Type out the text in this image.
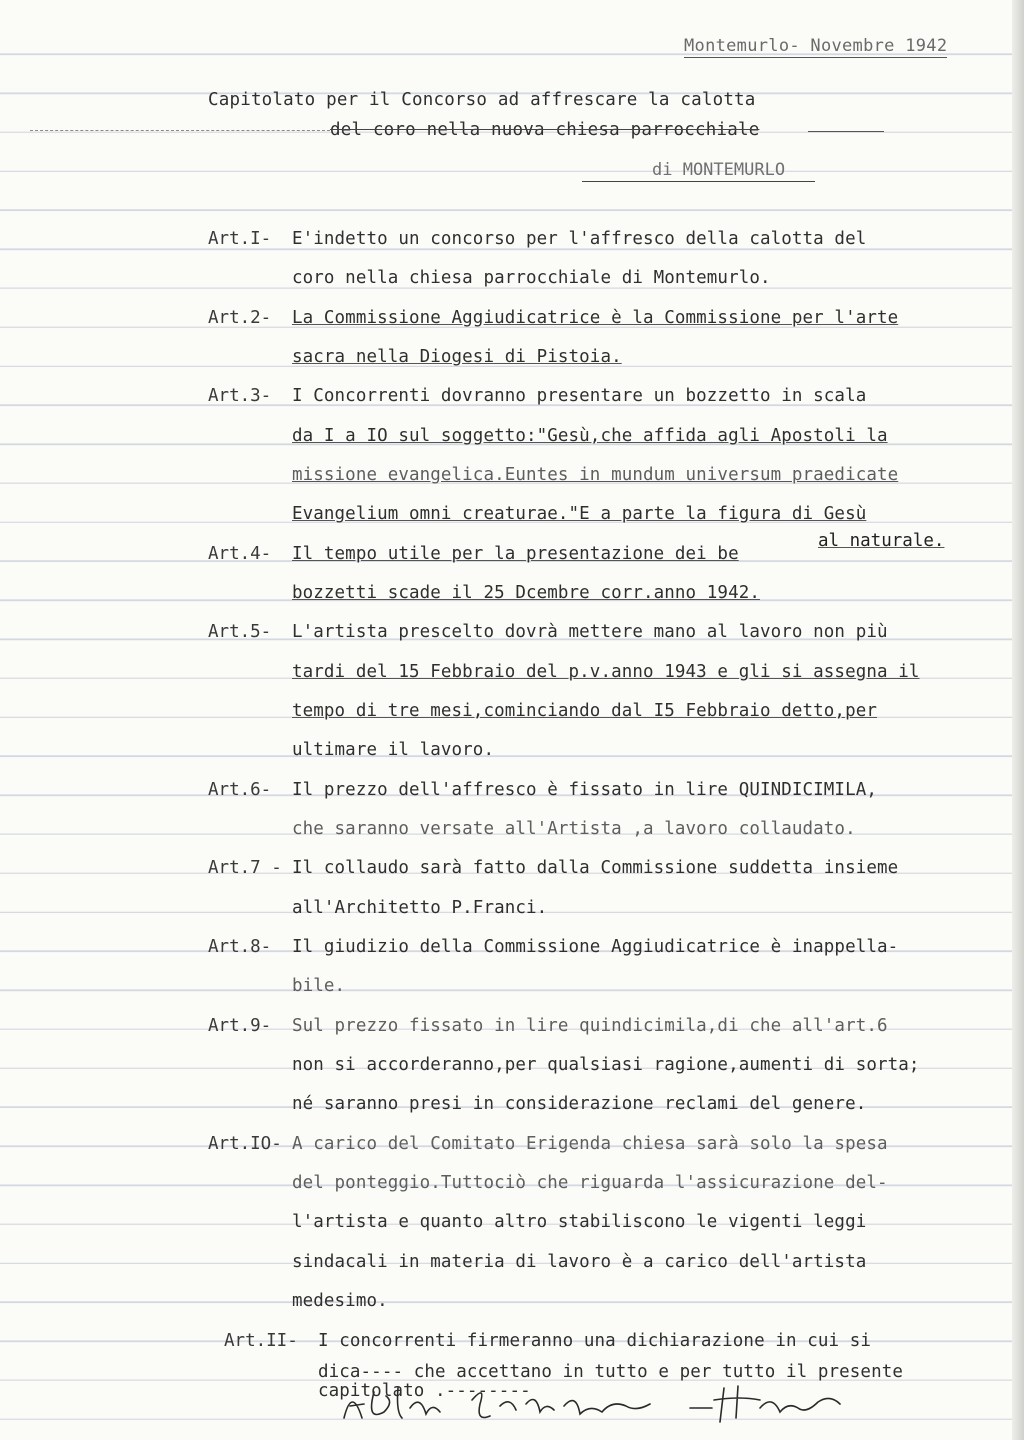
Montemurlo- Novembre 1942
Capitolato per il Concorso ad affrescare la calotta
del coro nella nuova chiesa parrocchiale
di MONTEMURLO
Art.I- E'indetto un concorso per l'affresco della calotta del
coro nella chiesa parrocchiale di Montemurlo.
Art.2- La Commissione Aggiudicatrice è la Commissione per l'arte
sacra nella Diogesi di Pistoia.
Art.3- I Concorrenti dovranno presentare un bozzetto in scala
da I a IO sul soggetto:"Gesù,che affida agli Apostoli la
missione evangelica.Euntes in mundum universum praedicate
Evangelium omni creaturae."E a parte la figura di Gesù
al naturale.
Art.4- Il tempo utile per la presentazione dei be
bozzetti scade il 25 Dcembre corr.anno 1942.
Art.5- L'artista prescelto dovrà mettere mano al lavoro non più
tardi del 15 Febbraio del p.v.anno 1943 e gli si assegna il
tempo di tre mesi,cominciando dal I5 Febbraio detto,per
ultimare il lavoro.
Art.6- Il prezzo dell'affresco è fissato in lire QUINDICIMILA,
che saranno versate all'Artista ,a lavoro collaudato.
Art.7 - Il collaudo sarà fatto dalla Commissione suddetta insieme
all'Architetto P.Franci.
Art.8- Il giudizio della Commissione Aggiudicatrice è inappella-
bile.
Art.9- Sul prezzo fissato in lire quindicimila,di che all'art.6
non si accorderanno,per qualsiasi ragione,aumenti di sorta;
né saranno presi in considerazione reclami del genere.
Art.IO- A carico del Comitato Erigenda chiesa sarà solo la spesa
del ponteggio.Tuttociò che riguarda l'assicurazione del-
l'artista e quanto altro stabiliscono le vigenti leggi
sindacali in materia di lavoro è a carico dell'artista
medesimo.
Art.II- I concorrenti firmeranno una dichiarazione in cui si
dica---- che accettano in tutto e per tutto il presente
capitolato .--------
